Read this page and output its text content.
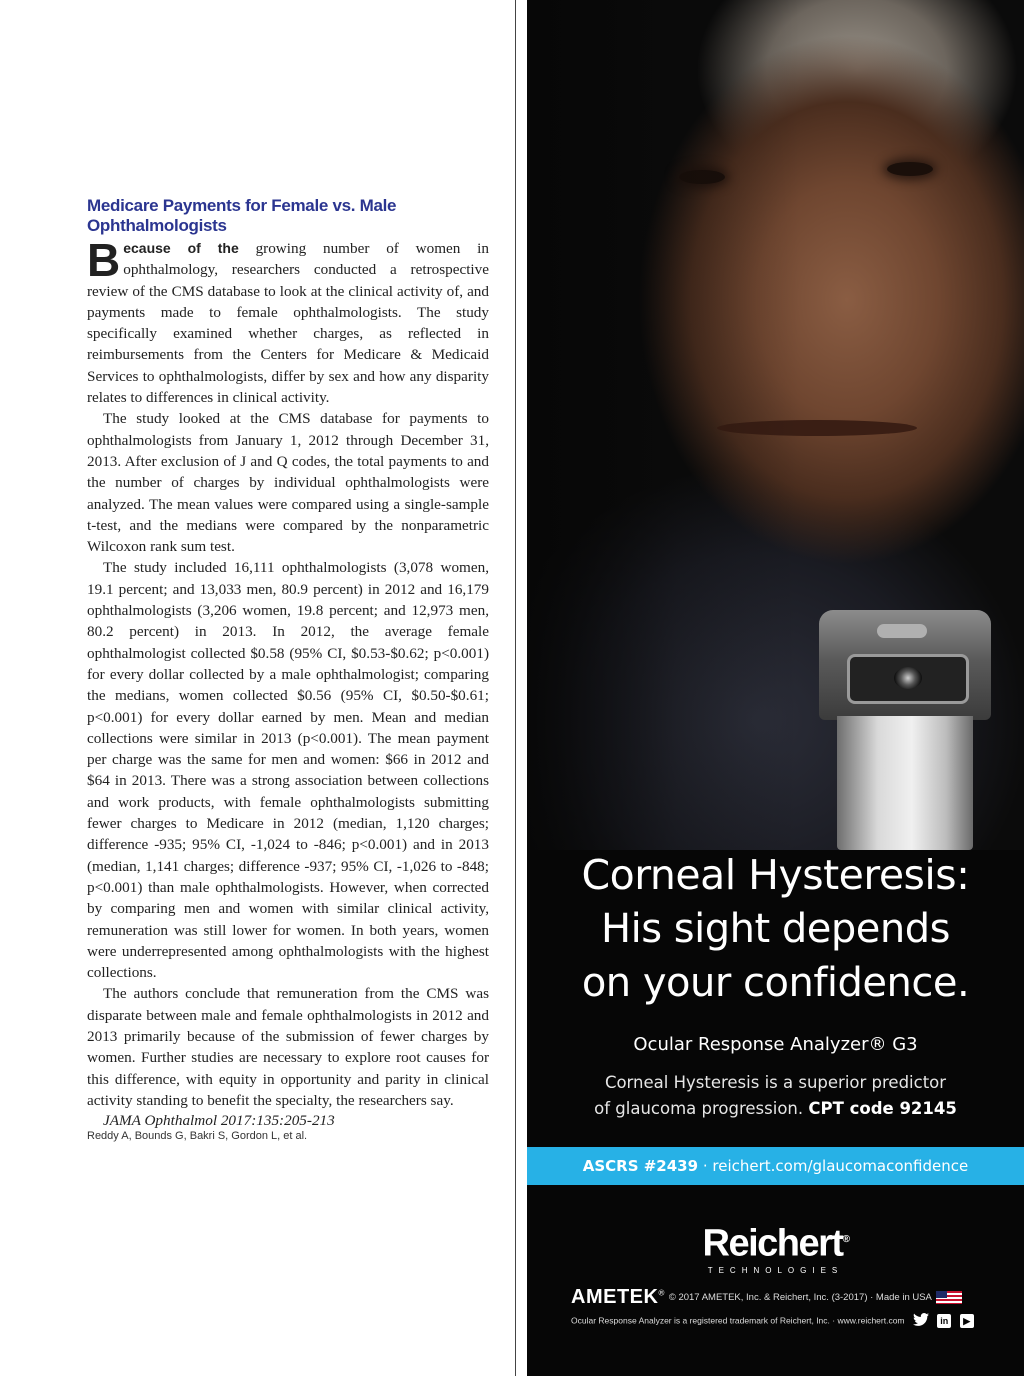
Medicare Payments for Female vs. Male Ophthalmologists

Because of the growing number of women in ophthalmology, researchers conducted a retrospective review of the CMS database to look at the clinical activity of, and payments made to female ophthalmologists. The study specifically examined whether charges, as reflected in reimbursements from the Centers for Medicare & Medicaid Services to ophthalmologists, differ by sex and how any disparity relates to differences in clinical activity.

The study looked at the CMS database for payments to ophthalmologists from January 1, 2012 through December 31, 2013. After exclusion of J and Q codes, the total payments to and the number of charges by individual ophthalmologists were analyzed. The mean values were compared using a single-sample t-test, and the medians were compared by the nonparametric Wilcoxon rank sum test.

The study included 16,111 ophthalmologists (3,078 women, 19.1 percent; and 13,033 men, 80.9 percent) in 2012 and 16,179 ophthalmologists (3,206 women, 19.8 percent; and 12,973 men, 80.2 percent) in 2013. In 2012, the average female ophthalmologist collected $0.58 (95% CI, $0.53-$0.62; p<0.001) for every dollar collected by a male ophthalmologist; comparing the medians, women collected $0.56 (95% CI, $0.50-$0.61; p<0.001) for every dollar earned by men. Mean and median collections were similar in 2013 (p<0.001). The mean payment per charge was the same for men and women: $66 in 2012 and $64 in 2013. There was a strong association between collections and work products, with female ophthalmologists submitting fewer charges to Medicare in 2012 (median, 1,120 charges; difference -935; 95% CI, -1,024 to -846; p<0.001) and in 2013 (median, 1,141 charges; difference -937; 95% CI, -1,026 to -848; p<0.001) than male ophthalmologists. However, when corrected by comparing men and women with similar clinical activity, remuneration was still lower for women. In both years, women were underrepresented among ophthalmologists with the highest collections.

The authors conclude that remuneration from the CMS was disparate between male and female ophthalmologists in 2012 and 2013 primarily because of the submission of fewer charges by women. Further studies are necessary to explore root causes for this difference, with equity in opportunity and parity in clinical activity standing to benefit the specialty, the researchers say.

JAMA Ophthalmol 2017:135:205-213

Reddy A, Bounds G, Bakri S, Gordon L, et al.

Corneal Hysteresis:
His sight depends
on your confidence.
Ocular Response Analyzer® G3
Corneal Hysteresis is a superior predictor
of glaucoma progression. CPT code 92145
ASCRS #2439 · reichert.com/glaucomaconfidence
Reichert®
TECHNOLOGIES
AMETEK® © 2017 AMETEK, Inc. & Reichert, Inc. (3-2017) · Made in USA
Ocular Response Analyzer is a registered trademark of Reichert, Inc. · www.reichert.com	in ▶
